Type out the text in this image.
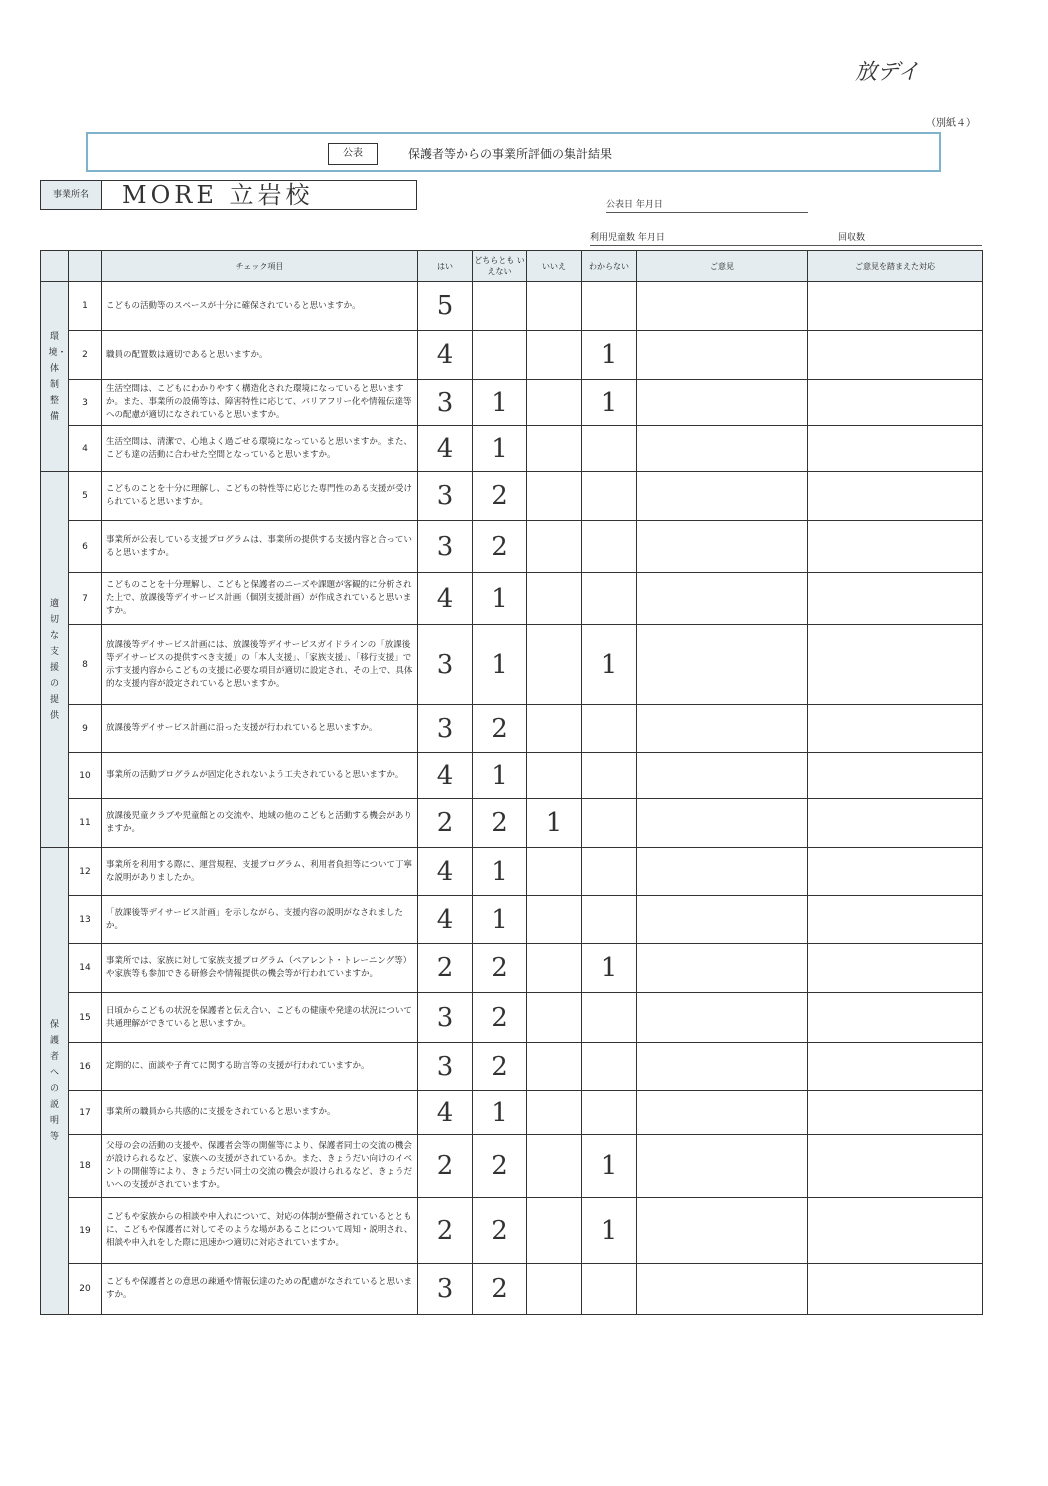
放デイ
（別紙４）
公表	保護者等からの事業所評価の集計結果
事業所名	MORE 立岩校	公表日 年月日
利用児童数 年月日	回収数
		チェック項目	はい	どちらとも いえない	いいえ	わからない	ご意見	ご意見を踏まえた対応
環境・体制整備	1	こどもの活動等のスペースが十分に確保されていると思いますか。	5					
	2	職員の配置数は適切であると思いますか。	4			1		
	3	生活空間は、こどもにわかりやすく構造化された環境になっていると思いますか。また、事業所の設備等は、障害特性に応じて、バリアフリー化や情報伝達等への配慮が適切になされていると思いますか。	3	1		1		
	4	生活空間は、清潔で、心地よく過ごせる環境になっていると思いますか。また、こども達の活動に合わせた空間となっていると思いますか。	4	1				
適切な支援の提供	5	こどものことを十分に理解し、こどもの特性等に応じた専門性のある支援が受けられていると思いますか。	3	2				
	6	事業所が公表している支援プログラムは、事業所の提供する支援内容と合っていると思いますか。	3	2				
	7	こどものことを十分理解し、こどもと保護者のニーズや課題が客観的に分析された上で、放課後等デイサービス計画（個別支援計画）が作成されていると思いますか。	4	1				
	8	放課後等デイサービス計画には、放課後等デイサービスガイドラインの「放課後等デイサービスの提供すべき支援」の「本人支援」、「家族支援」、「移行支援」で示す支援内容からこどもの支援に必要な項目が適切に設定され、その上で、具体的な支援内容が設定されていると思いますか。	3	1		1		
	9	放課後等デイサービス計画に沿った支援が行われていると思いますか。	3	2				
	10	事業所の活動プログラムが固定化されないよう工夫されていると思いますか。	4	1				
	11	放課後児童クラブや児童館との交流や、地域の他のこどもと活動する機会がありますか。	2	2	1			
保護者への説明等	12	事業所を利用する際に、運営規程、支援プログラム、利用者負担等について丁寧な説明がありましたか。	4	1				
	13	「放課後等デイサービス計画」を示しながら、支援内容の説明がなされましたか。	4	1				
	14	事業所では、家族に対して家族支援プログラム（ペアレント・トレーニング等）や家族等も参加できる研修会や情報提供の機会等が行われていますか。	2	2		1		
	15	日頃からこどもの状況を保護者と伝え合い、こどもの健康や発達の状況について共通理解ができていると思いますか。	3	2				
	16	定期的に、面談や子育てに関する助言等の支援が行われていますか。	3	2				
	17	事業所の職員から共感的に支援をされていると思いますか。	4	1				
	18	父母の会の活動の支援や、保護者会等の開催等により、保護者同士の交流の機会が設けられるなど、家族への支援がされているか。また、きょうだい向けのイベントの開催等により、きょうだい同士の交流の機会が設けられるなど、きょうだいへの支援がされていますか。	2	2		1		
	19	こどもや家族からの相談や申入れについて、対応の体制が整備されているとともに、こどもや保護者に対してそのような場があることについて周知・説明され、相談や申入れをした際に迅速かつ適切に対応されていますか。	2	2		1		
	20	こどもや保護者との意思の疎通や情報伝達のための配慮がなされていると思いますか。	3	2				
